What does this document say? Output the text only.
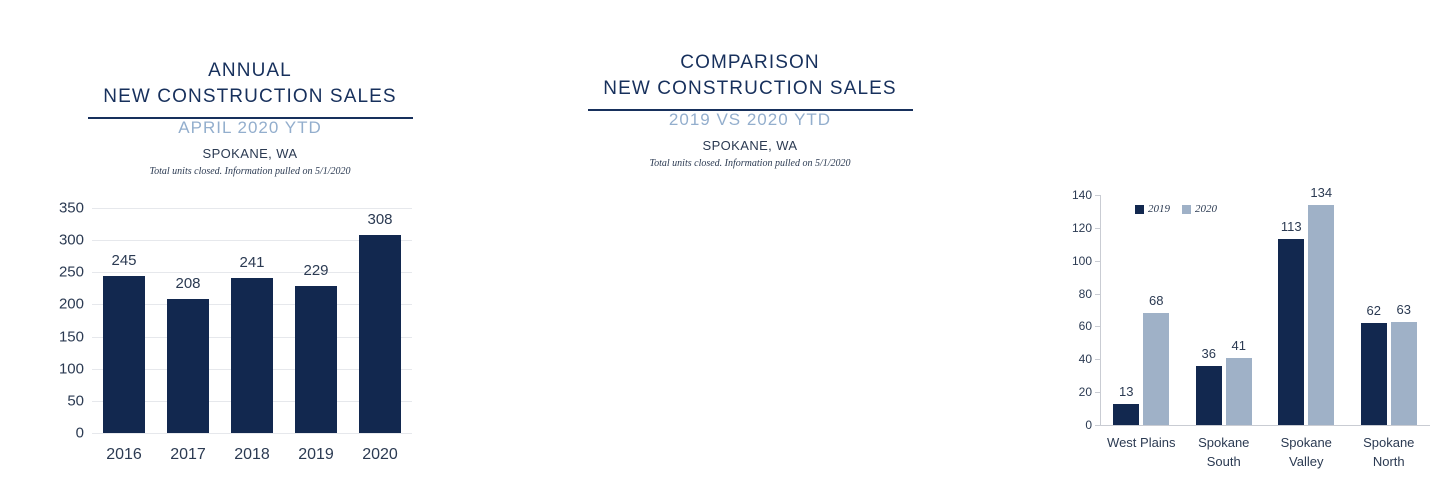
ANNUAL
NEW CONSTRUCTION SALES
APRIL 2020 YTD
SPOKANE, WA
Total units closed. Information pulled on 5/1/2020
0
50
100
150
200
250
300
350
245
2016
208
2017
241
2018
229
2019
308
2020
COMPARISON
NEW CONSTRUCTION SALES
2019 VS 2020 YTD
SPOKANE, WA
Total units closed. Information pulled on 5/1/2020
0
20
40
60
80
100
120
140
13
68
West Plains
36
41
Spokane
South
113
134
Spokane
Valley
62 63
Spokane
North
2019 2020
